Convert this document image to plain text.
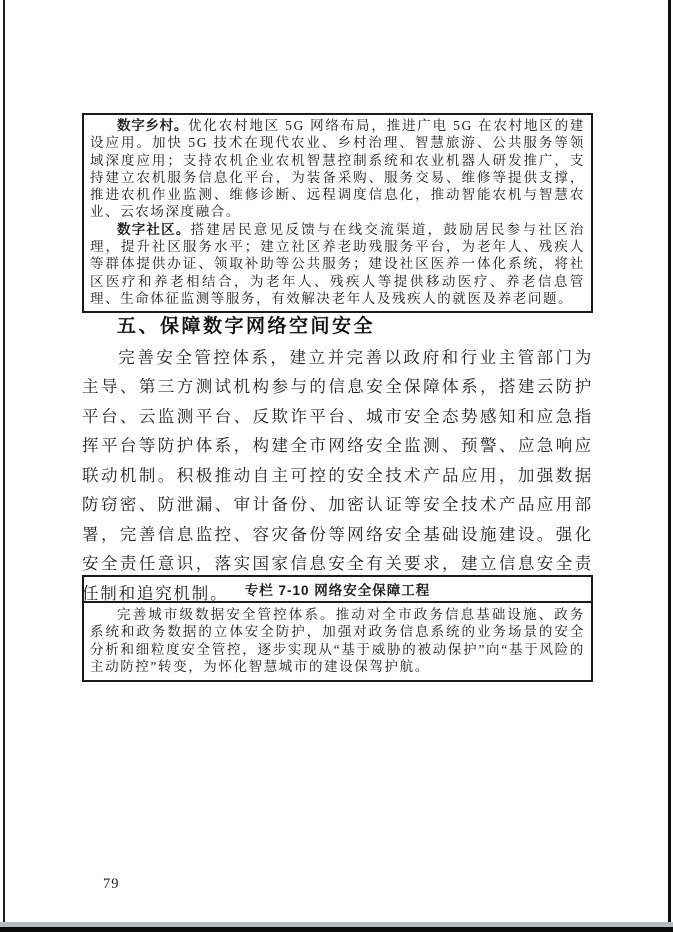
数字乡村。优化农村地区 5G 网络布局，推进广电 5G 在农村地区的建设应用。加快 5G 技术在现代农业、乡村治理、智慧旅游、公共服务等领域深度应用；支持农机企业农机智慧控制系统和农业机器人研发推广，支持建立农机服务信息化平台，为装备采购、服务交易、维修等提供支撑，推进农机作业监测、维修诊断、远程调度信息化，推动智能农机与智慧农业、云农场深度融合。

数字社区。搭建居民意见反馈与在线交流渠道，鼓励居民参与社区治理，提升社区服务水平；建立社区养老助残服务平台，为老年人、残疾人等群体提供办证、领取补助等公共服务；建设社区医养一体化系统，将社区医疗和养老相结合，为老年人、残疾人等提供移动医疗、养老信息管理、生命体征监测等服务，有效解决老年人及残疾人的就医及养老问题。

五、保障数字网络空间安全

完善安全管控体系，建立并完善以政府和行业主管部门为主导、第三方测试机构参与的信息安全保障体系，搭建云防护平台、云监测平台、反欺诈平台、城市安全态势感知和应急指挥平台等防护体系，构建全市网络安全监测、预警、应急响应联动机制。积极推动自主可控的安全技术产品应用，加强数据防窃密、防泄漏、审计备份、加密认证等安全技术产品应用部署，完善信息监控、容灾备份等网络安全基础设施建设。强化安全责任意识，落实国家信息安全有关要求，建立信息安全责任制和追究机制。	专栏 7-10 网络安全保障工程

完善城市级数据安全管控体系。推动对全市政务信息基础设施、政务系统和政务数据的立体安全防护，加强对政务信息系统的业务场景的安全分析和细粒度安全管控，逐步实现从“基于威胁的被动保护”向“基于风险的主动防控”转变，为怀化智慧城市的建设保驾护航。

79
